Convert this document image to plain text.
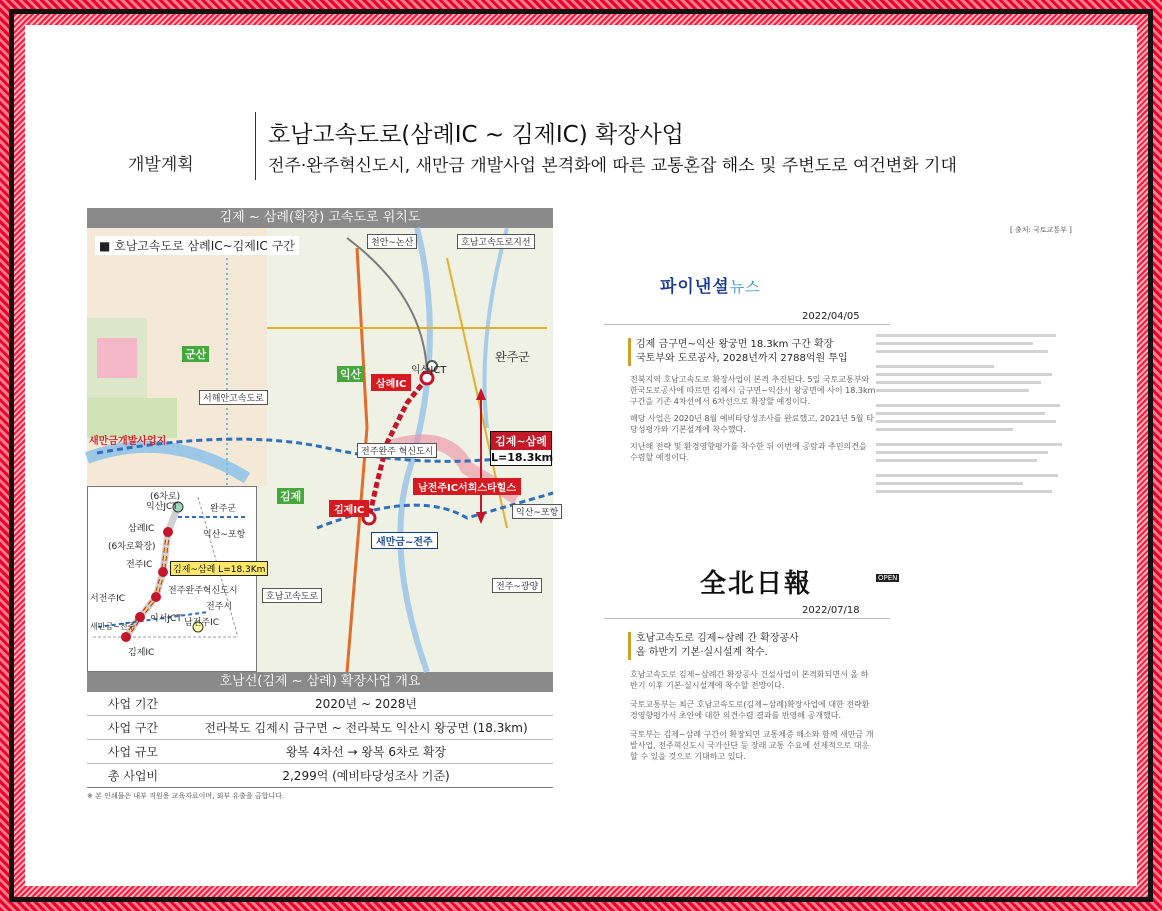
개발계획
호남고속도로(삼례IC ~ 김제IC) 확장사업
전주·완주혁신도시, 새만금 개발사업 본격화에 따른 교통혼잡 해소 및 주변도로 여건변화 기대
김제 ~ 삼례(확장) 고속도로 위치도
■ 호남고속도로 삼례IC~김제IC 구간
익산
삼례IC
익산JCT
완주군
김제
군산
서해안고속도로
새만금개발사업지
전주완주 혁신도시
남전주IC서희스타힐스
김제IC
새만금~전주
호남고속도로
천안~논산
익산~포항
전주~광양
호남고속도로지선
김제~삼례
L=18.3km
(6차로)
익산JCT
삼례IC
완주군
익산~포항
(6차로확장)
전주IC	김제~삼례 L=18.3Km
전주완주혁신도시
서전주IC
전주시
이서JCT
새만금~전주	남전주IC
김제IC
호남선(김제 ~ 삼례) 확장사업 개요
사업 기간	2020년 ~ 2028년
사업 구간	전라북도 김제시 금구면 ~ 전라북도 익산시 왕궁면 (18.3km)
사업 규모	왕복 4차선 → 왕복 6차로 확장
총 사업비	2,299억 (예비타당성조사 기준)
※ 본 인쇄물은 내부 직원용 교육자료이며, 외부 유출을 금합니다.
[ 출처: 국토교통부 ]
파이낸셜뉴스
2022/04/05
김제 금구면~익산 왕궁면 18.3km 구간 확장
국토부와 도로공사, 2028년까지 2788억원 투입

전북지역 호남고속도로 확장사업이 본격 추진된다. 5일 국토교통부와 한국도로공사에 따르면 김제시 금구면~익산시 왕궁면에 사이 18.3km 구간을 기존 4차선에서 6차선으로 확장할 예정이다.

해당 사업은 2020년 8월 예비타당성조사를 완료했고, 2021년 5월 타당성평가와 기본설계에 착수했다.

지난해 전략 및 환경영향평가를 착수한 뒤 이번에 공람과 주민의견을 수렴할 예정이다.

OPEN
全北日報
2022/07/18
호남고속도로 김제~삼례 간 확장공사
올 하반기 기본·실시설계 착수.

호남고속도로 김제~삼례간 확장공사 건설사업이 본격화되면서 올 하반기 이후 기본·실시설계에 착수할 전망이다.

국토교통부는 최근 호남고속도로(김제~삼례)확장사업에 대한 전략환경영향평가서 초안에 대한 의견수렴 결과를 반영해 공개했다.

국토부는 김제~삼례 구간이 확장되면 교통체증 해소와 함께 새만금 개발사업, 전주혁신도시 국가산단 등 장래 교통 수요에 선제적으로 대응할 수 있을 것으로 기대하고 있다.
